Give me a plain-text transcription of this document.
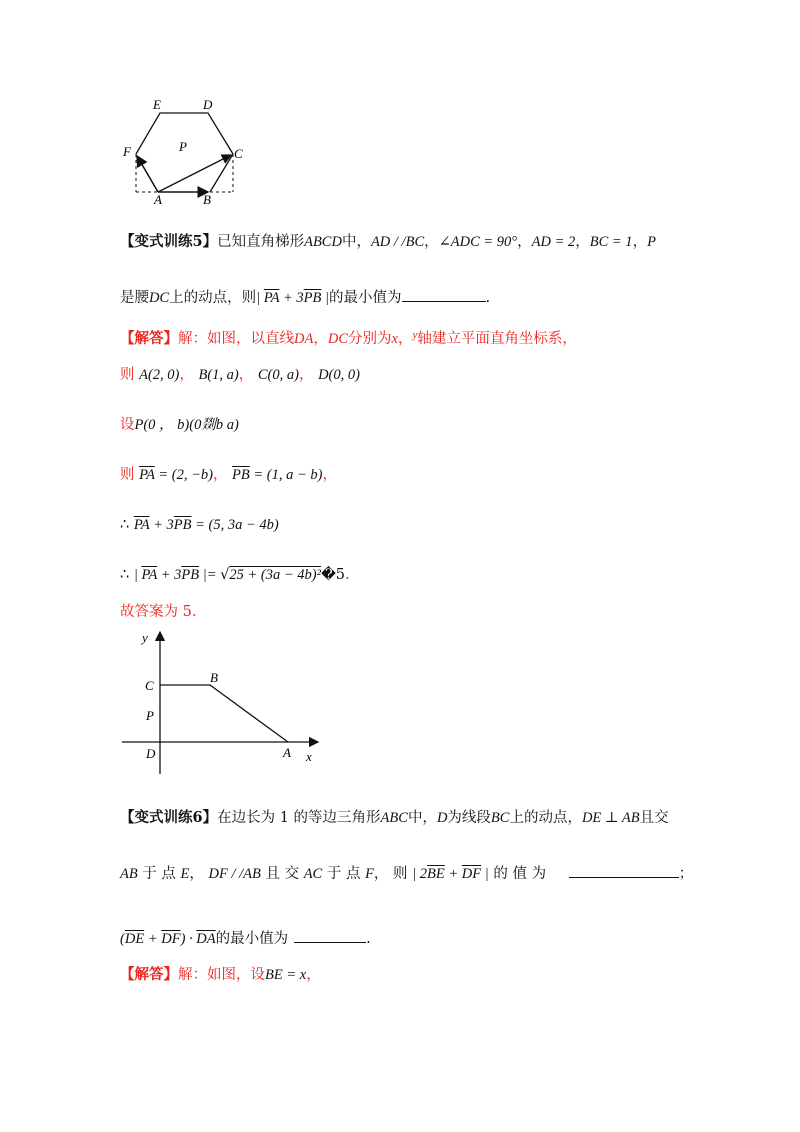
E	D
F	P	C
A	B
【变式训练5】已知直角梯形ABCD中，AD / /BC，∠ADC = 90°，AD = 2，BC = 1，P
是腰DC上的动点，则| $\overline{PA} + 3\overline{PB}$ |的最小值为	.
【解答】解：如图，以直线DA，DC分别为x，$^y$轴建立平面直角坐标系，
则 A(2, 0)， B(1, a)， C(0, a)， D(0, 0)
设P(0 ， b)(0剟b a)
则 $\overline{PA} = (2$, −b)， $\overline{PB} = (1$, a − b)，
∴ $\overline{PA} + 3\overline{PB} = (5$, 3a − 4b)
∴ | $\overline{PA} + 3\overline{PB}$ |= √25 + (3a − 4b)²�5.
故答案为 5.
y
C
B
P
D	A x
【变式训练6】在边长为 1 的等边三角形ABC中，D为线段BC上的动点，DE ⊥ AB且交
AB 于 点 E， DF / /AB 且 交 AC 于 点 F， 则 | $2\overline{BE} + \overline{DF}$ | 的 值 为	；
$(\overline{DE} + \overline{DF}) \cdot \overline{DA}$的最小值为	.
【解答】解：如图，设BE = x，
